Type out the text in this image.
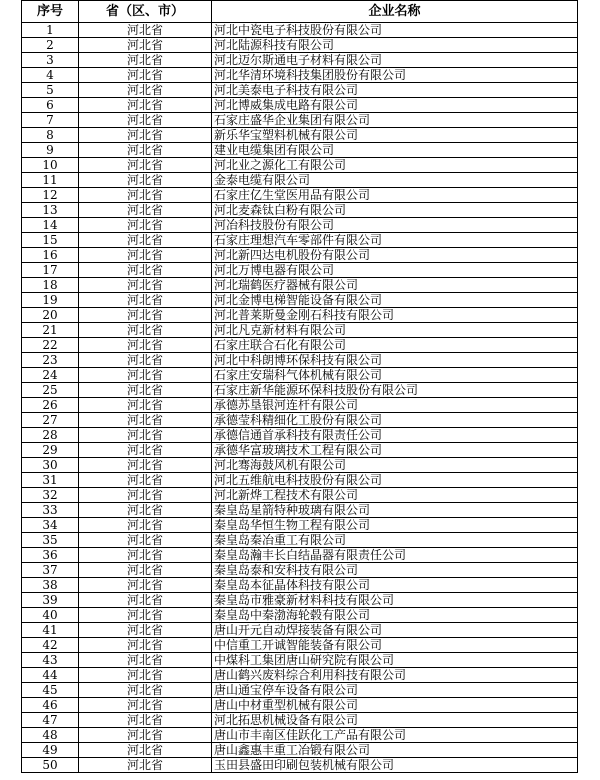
序号	省（区、市）	企业名称
1	河北省	河北中瓷电子科技股份有限公司
2	河北省	河北陆源科技有限公司
3	河北省	河北迈尔斯通电子材料有限公司
4	河北省	河北华清环境科技集团股份有限公司
5	河北省	河北美泰电子科技有限公司
6	河北省	河北博威集成电路有限公司
7	河北省	石家庄盛华企业集团有限公司
8	河北省	新乐华宝塑料机械有限公司
9	河北省	建业电缆集团有限公司
10	河北省	河北业之源化工有限公司
11	河北省	金泰电缆有限公司
12	河北省	石家庄亿生堂医用品有限公司
13	河北省	河北麦森钛白粉有限公司
14	河北省	河冶科技股份有限公司
15	河北省	石家庄理想汽车零部件有限公司
16	河北省	河北新四达电机股份有限公司
17	河北省	河北万博电器有限公司
18	河北省	河北瑞鹤医疗器械有限公司
19	河北省	河北金博电梯智能设备有限公司
20	河北省	河北普莱斯曼金刚石科技有限公司
21	河北省	河北凡克新材料有限公司
22	河北省	石家庄联合石化有限公司
23	河北省	河北中科朗博环保科技有限公司
24	河北省	石家庄安瑞科气体机械有限公司
25	河北省	石家庄新华能源环保科技股份有限公司
26	河北省	承德苏垦银河连杆有限公司
27	河北省	承德莹科精细化工股份有限公司
28	河北省	承德信通首承科技有限责任公司
29	河北省	承德华富玻璃技术工程有限公司
30	河北省	河北骞海鼓风机有限公司
31	河北省	河北五维航电科技股份有限公司
32	河北省	河北新烨工程技术有限公司
33	河北省	秦皇岛星箭特种玻璃有限公司
34	河北省	秦皇岛华恒生物工程有限公司
35	河北省	秦皇岛秦冶重工有限公司
36	河北省	秦皇岛瀚丰长白结晶器有限责任公司
37	河北省	秦皇岛泰和安科技有限公司
38	河北省	秦皇岛本征晶体科技有限公司
39	河北省	秦皇岛市雅豪新材料科技有限公司
40	河北省	秦皇岛中秦渤海轮毂有限公司
41	河北省	唐山开元自动焊接装备有限公司
42	河北省	中信重工开诚智能装备有限公司
43	河北省	中煤科工集团唐山研究院有限公司
44	河北省	唐山鹤兴废料综合利用科技有限公司
45	河北省	唐山通宝停车设备有限公司
46	河北省	唐山中材重型机械有限公司
47	河北省	河北拓思机械设备有限公司
48	河北省	唐山市丰南区佳跃化工产品有限公司
49	河北省	唐山鑫惠丰重工冶锻有限公司
50	河北省	玉田县盛田印刷包装机械有限公司
